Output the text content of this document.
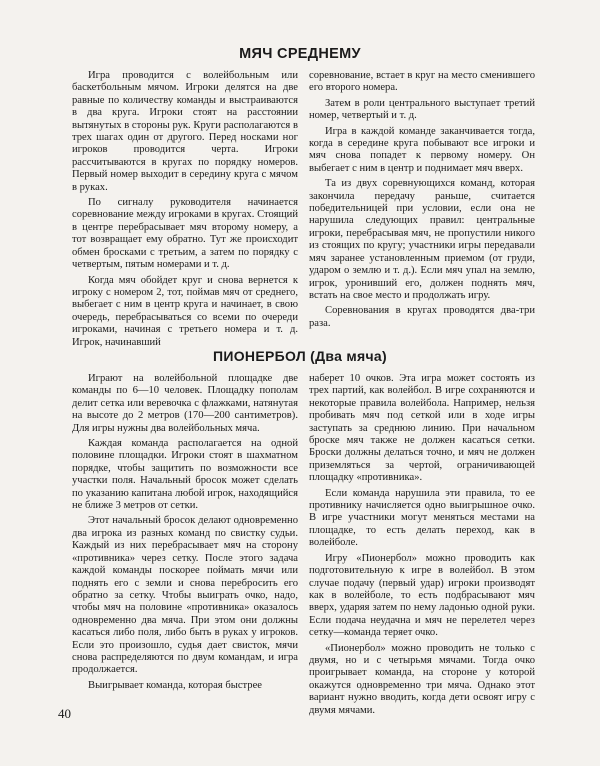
МЯЧ СРЕДНЕМУ

Игра проводится с волейбольным или баскетбольным мячом. Игроки делятся на две равные по количеству команды и выстраиваются в два круга. Игроки стоят на расстоянии вытянутых в стороны рук. Круги располагаются в трех шагах один от другого. Перед носками ног игроков проводится черта. Игроки рассчитываются в кругах по порядку номеров. Первый номер выходит в середину круга с мячом в руках.

По сигналу руководителя начинается соревнование между игроками в кругах. Стоящий в центре перебрасывает мяч второму номеру, а тот возвращает ему обратно. Тут же происходит обмен бросками с третьим, а затем по порядку с четвертым, пятым номерами и т. д.

Когда мяч обойдет круг и снова вернется к игроку с номером 2, тот, поймав мяч от среднего, выбегает с ним в центр круга и начинает, в свою очередь, перебрасываться со всеми по очереди игроками, начиная с третьего номера и т. д. Игрок, начинавший

соревнование, встает в круг на место сменившего его второго номера.

Затем в роли центрального выступает третий номер, четвертый и т. д.

Игра в каждой команде заканчивается тогда, когда в середине круга побывают все игроки и мяч снова попадет к первому номеру. Он выбегает с ним в центр и поднимает мяч вверх.

Та из двух соревнующихся команд, которая закончила передачу раньше, считается победительницей при условии, если она не нарушила следующих правил: центральные игроки, перебрасывая мяч, не пропустили никого из стоящих по кругу; участники игры передавали мяч заранее установленным приемом (от груди, ударом о землю и т. д.). Если мяч упал на землю, игрок, уронивший его, должен поднять мяч, встать на свое место и продолжать игру.

Соревнования в кругах проводятся два-три раза.

ПИОНЕРБОЛ (Два мяча)

Играют на волейбольной площадке две команды по 6—10 человек. Площадку пополам делит сетка или веревочка с флажками, натянутая на высоте до 2 метров (170—200 сантиметров). Для игры нужны два волейбольных мяча.

Каждая команда располагается на одной половине площадки. Игроки стоят в шахматном порядке, чтобы защитить по возможности все участки поля. Начальный бросок может сделать по указанию капитана любой игрок, находящийся не ближе 3 метров от сетки.

Этот начальный бросок делают одновременно два игрока из разных команд по свистку судьи. Каждый из них перебрасывает мяч на сторону «противника» через сетку. После этого задача каждой команды поскорее поймать мячи или поднять его с земли и снова перебросить его обратно за сетку. Чтобы выиграть очко, надо, чтобы мяч на половине «противника» оказалось одновременно два мяча. При этом они должны касаться либо поля, либо быть в руках у игроков. Если это произошло, судья дает свисток, мячи снова распределяются по двум командам, и игра продолжается.

Выигрывает команда, которая быстрее

наберет 10 очков. Эта игра может состоять из трех партий, как волейбол. В игре сохраняются и некоторые правила волейбола. Например, нельзя пробивать мяч под сеткой или в ходе игры заступать за среднюю линию. При начальном броске мяч также не должен касаться сетки. Броски должны делаться точно, и мяч не должен приземляться за чертой, ограничивающей площадку «противника».

Если команда нарушила эти правила, то ее противнику начисляется одно выигрышное очко. В игре участники могут меняться местами на площадке, то есть делать переход, как в волейболе.

Игру «Пионербол» можно проводить как подготовительную к игре в волейбол. В этом случае подачу (первый удар) игроки производят как в волейболе, то есть подбрасывают мяч вверх, ударяя затем по нему ладонью одной руки. Если подача неудачна и мяч не перелетел через сетку—команда теряет очко.

«Пионербол» можно проводить не только с двумя, но и с четырьмя мячами. Тогда очко проигрывает команда, на стороне у которой окажутся одновременно три мяча. Однако этот вариант нужно вводить, когда дети освоят игру с двумя мячами.

40
